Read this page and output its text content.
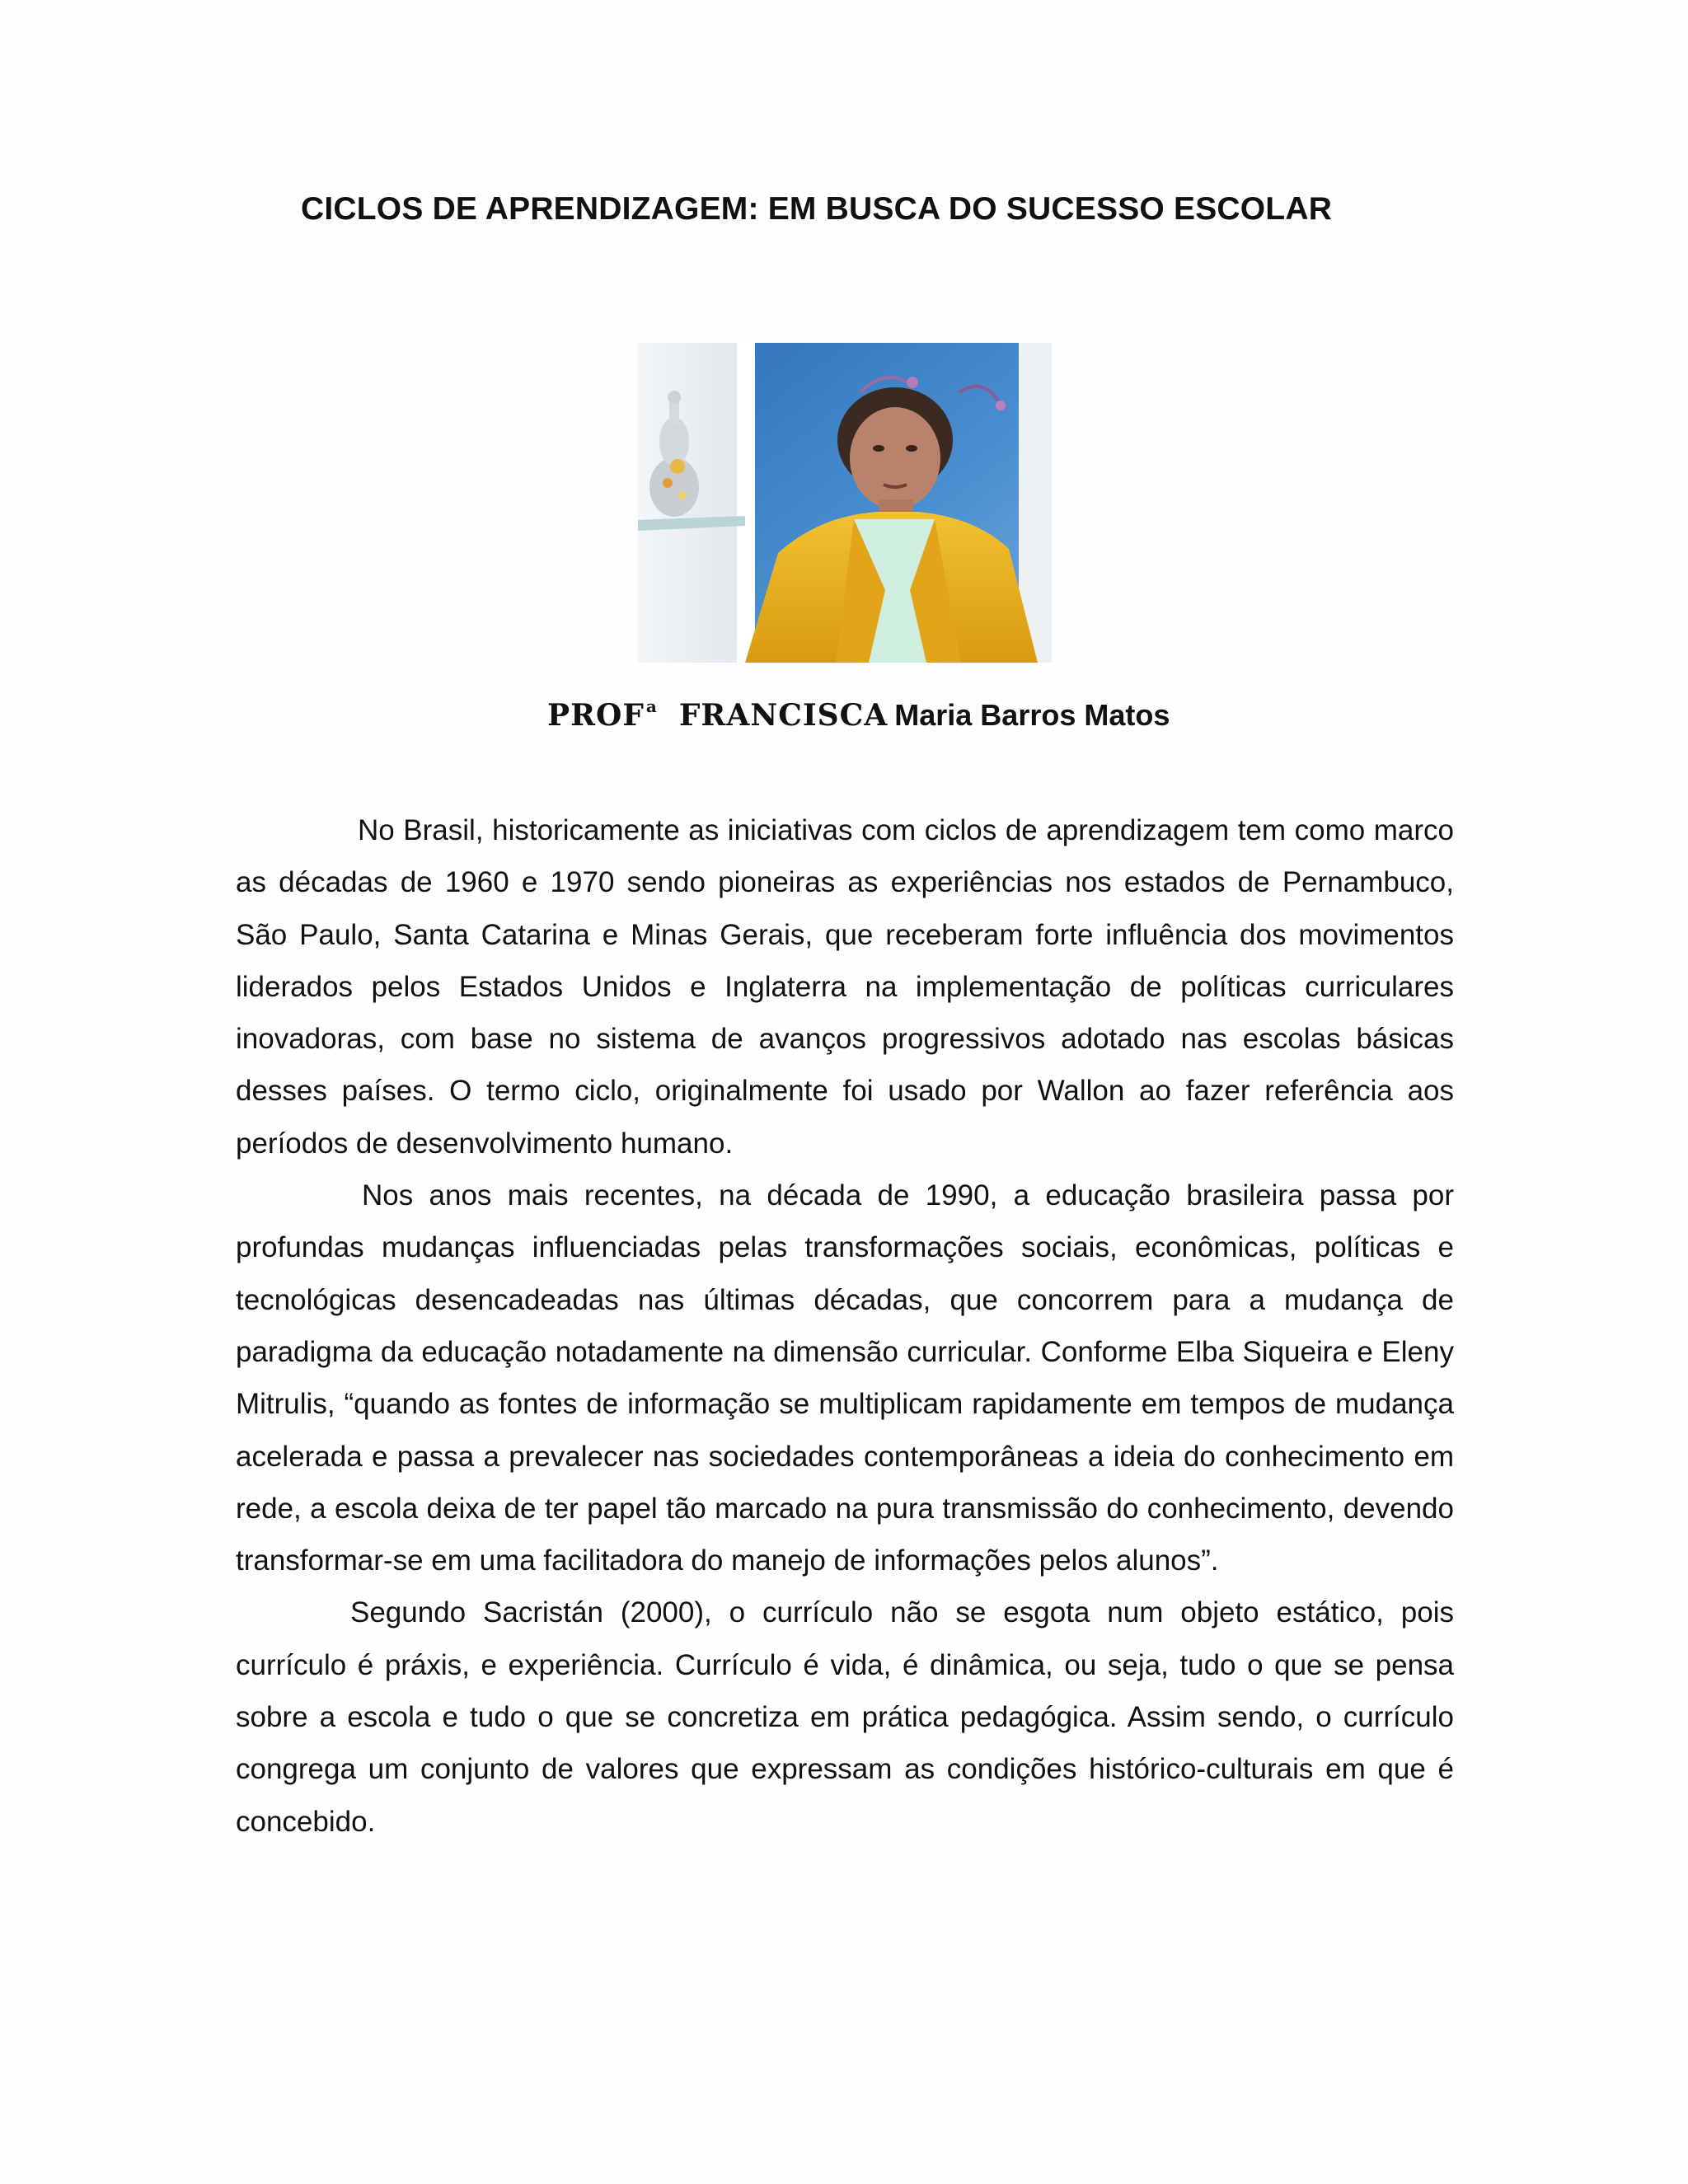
CICLOS DE APRENDIZAGEM: EM BUSCA DO SUCESSO ESCOLAR
PROF $^a$ FRANCISCA Maria Barros Matos

No Brasil, historicamente as iniciativas com ciclos de aprendizagem tem como marco as décadas de 1960 e 1970 sendo pioneiras as experiências nos estados de Pernambuco, São Paulo, Santa Catarina e Minas Gerais, que receberam forte influência dos movimentos liderados pelos Estados Unidos e Inglaterra na implementação de políticas curriculares inovadoras, com base no sistema de avanços progressivos adotado nas escolas básicas desses países. O termo ciclo, originalmente foi usado por Wallon ao fazer referência aos períodos de desenvolvimento humano.

Nos anos mais recentes, na década de 1990, a educação brasileira passa por profundas mudanças influenciadas pelas transformações sociais, econômicas, políticas e tecnológicas desencadeadas nas últimas décadas, que concorrem para a mudança de paradigma da educação notadamente na dimensão curricular. Conforme Elba Siqueira e Eleny Mitrulis, “quando as fontes de informação se multiplicam rapidamente em tempos de mudança acelerada e passa a prevalecer nas sociedades contemporâneas a ideia do conhecimento em rede, a escola deixa de ter papel tão marcado na pura transmissão do conhecimento, devendo transformar-se em uma facilitadora do manejo de informações pelos alunos”.

Segundo Sacristán (2000), o currículo não se esgota num objeto estático, pois currículo é práxis, e experiência. Currículo é vida, é dinâmica, ou seja, tudo o que se pensa sobre a escola e tudo o que se concretiza em prática pedagógica. Assim sendo, o currículo congrega um conjunto de valores que expressam as condições histórico-culturais em que é concebido.
